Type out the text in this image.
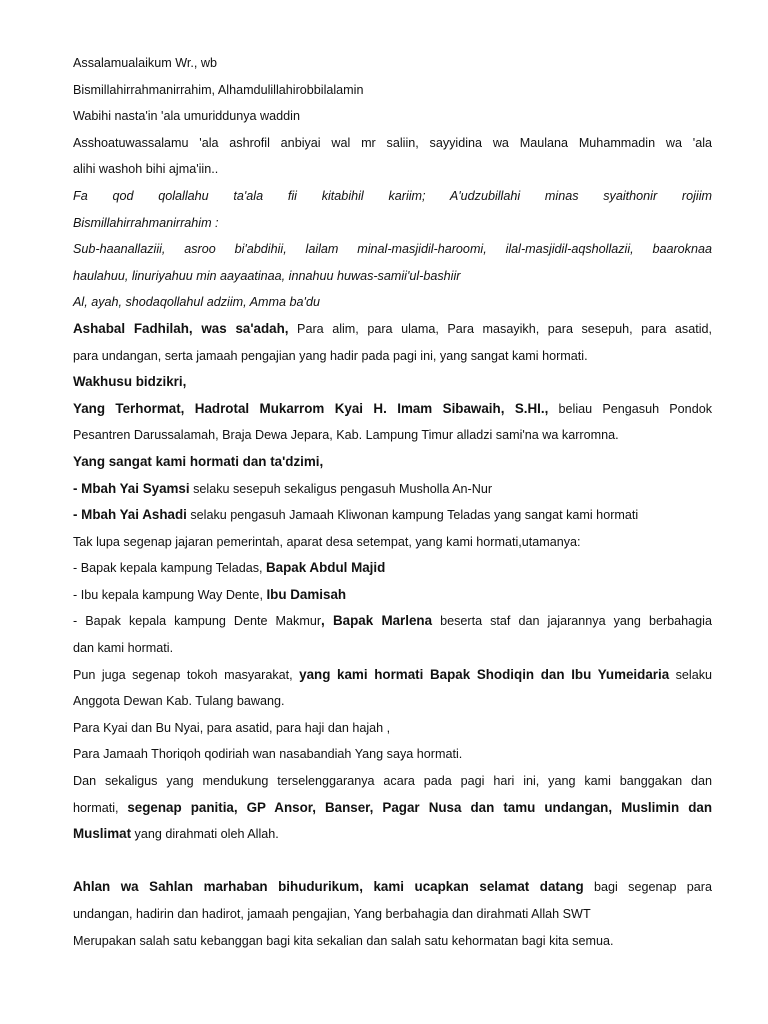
Assalamualaikum Wr., wb
Bismillahirrahmanirrahim, Alhamdulillahirobbilalamin
Wabihi nasta'in 'ala umuriddunya waddin
Asshoatuwassalamu 'ala ashrofil anbiyai wal mr saliin, sayyidina wa Maulana Muhammadin wa 'ala
alihi washoh bihi ajma'iin..
Fa qod qolallahu ta'ala fii kitabihil kariim; A'udzubillahi minas syaithonir rojiim
Bismillahirrahmanirrahim :
Sub-haanallaziii, asroo bi'abdihii, lailam minal-masjidil-haroomi, ilal-masjidil-aqshollazii, baaroknaa
haulahuu, linuriyahuu min aayaatinaa, innahuu huwas-samii'ul-bashiir
Al, ayah, shodaqollahul adziim, Amma ba'du
Ashabal Fadhilah, was sa'adah, Para alim, para ulama, Para masayikh, para sesepuh, para asatid,
para undangan, serta jamaah pengajian yang hadir pada pagi ini, yang sangat kami hormati.
Wakhusu bidzikri,
Yang Terhormat, Hadrotal Mukarrom Kyai H. Imam Sibawaih, S.HI., beliau Pengasuh Pondok
Pesantren Darussalamah, Braja Dewa Jepara, Kab. Lampung Timur alladzi sami'na wa karromna.
Yang sangat kami hormati dan ta'dzimi,
- Mbah Yai Syamsi selaku sesepuh sekaligus pengasuh Musholla An-Nur
- Mbah Yai Ashadi selaku pengasuh Jamaah Kliwonan kampung Teladas yang sangat kami hormati
Tak lupa segenap jajaran pemerintah, aparat desa setempat, yang kami hormati,utamanya:
- Bapak kepala kampung Teladas, Bapak Abdul Majid
- Ibu kepala kampung Way Dente, Ibu Damisah
- Bapak kepala kampung Dente Makmur, Bapak Marlena beserta staf dan jajarannya yang berbahagia
dan kami hormati.
Pun juga segenap tokoh masyarakat, yang kami hormati Bapak Shodiqin dan Ibu Yumeidaria selaku
Anggota Dewan Kab. Tulang bawang.
Para Kyai dan Bu Nyai, para asatid, para haji dan hajah ,
Para Jamaah Thoriqoh qodiriah wan nasabandiah Yang saya hormati.
Dan sekaligus yang mendukung terselenggaranya acara pada pagi hari ini, yang kami banggakan dan
hormati, segenap panitia, GP Ansor, Banser, Pagar Nusa dan tamu undangan, Muslimin dan
Muslimat yang dirahmati oleh Allah.
Ahlan wa Sahlan marhaban bihudurikum, kami ucapkan selamat datang bagi segenap para
undangan, hadirin dan hadirot, jamaah pengajian, Yang berbahagia dan dirahmati Allah SWT
Merupakan salah satu kebanggan bagi kita sekalian dan salah satu kehormatan bagi kita semua.
